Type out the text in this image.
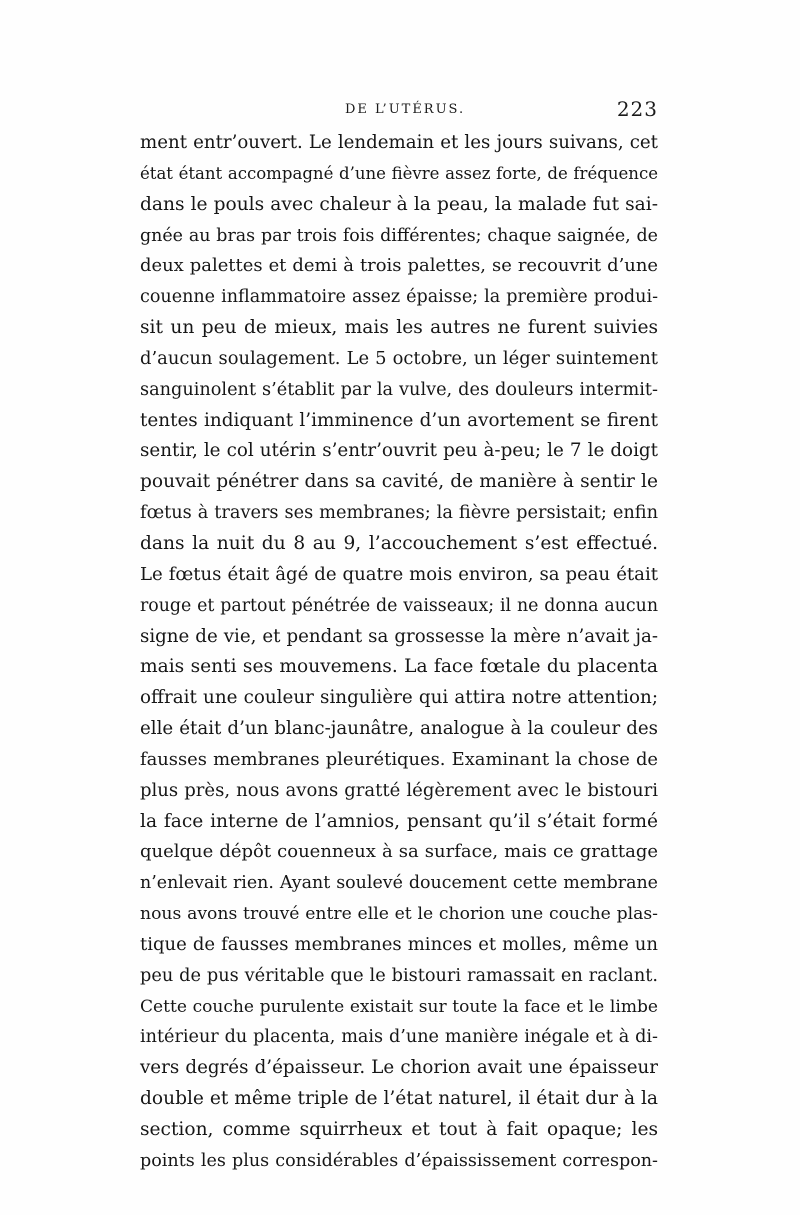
DE L’UTÉRUS.	223
ment entr’ouvert. Le lendemain et les jours suivans, cet
état étant accompagné d’une fièvre assez forte, de fréquence
dans le pouls avec chaleur à la peau, la malade fut sai-
gnée au bras par trois fois différentes; chaque saignée, de
deux palettes et demi à trois palettes, se recouvrit d’une
couenne inflammatoire assez épaisse; la première produi-
sit un peu de mieux, mais les autres ne furent suivies
d’aucun soulagement. Le 5 octobre, un léger suintement
sanguinolent s’établit par la vulve, des douleurs intermit-
tentes indiquant l’imminence d’un avortement se firent
sentir, le col utérin s’entr’ouvrit peu à-peu; le 7 le doigt
pouvait pénétrer dans sa cavité, de manière à sentir le
fœtus à travers ses membranes; la fièvre persistait; enfin
dans la nuit du 8 au 9, l’accouchement s’est effectué.
Le fœtus était âgé de quatre mois environ, sa peau était
rouge et partout pénétrée de vaisseaux; il ne donna aucun
signe de vie, et pendant sa grossesse la mère n’avait ja-
mais senti ses mouvemens. La face fœtale du placenta
offrait une couleur singulière qui attira notre attention;
elle était d’un blanc-jaunâtre, analogue à la couleur des
fausses membranes pleurétiques. Examinant la chose de
plus près, nous avons gratté légèrement avec le bistouri
la face interne de l’amnios, pensant qu’il s’était formé
quelque dépôt couenneux à sa surface, mais ce grattage
n’enlevait rien. Ayant soulevé doucement cette membrane
nous avons trouvé entre elle et le chorion une couche plas-
tique de fausses membranes minces et molles, même un
peu de pus véritable que le bistouri ramassait en raclant.
Cette couche purulente existait sur toute la face et le limbe
intérieur du placenta, mais d’une manière inégale et à di-
vers degrés d’épaisseur. Le chorion avait une épaisseur
double et même triple de l’état naturel, il était dur à la
section, comme squirrheux et tout à fait opaque; les
points les plus considérables d’épaississement correspon-
